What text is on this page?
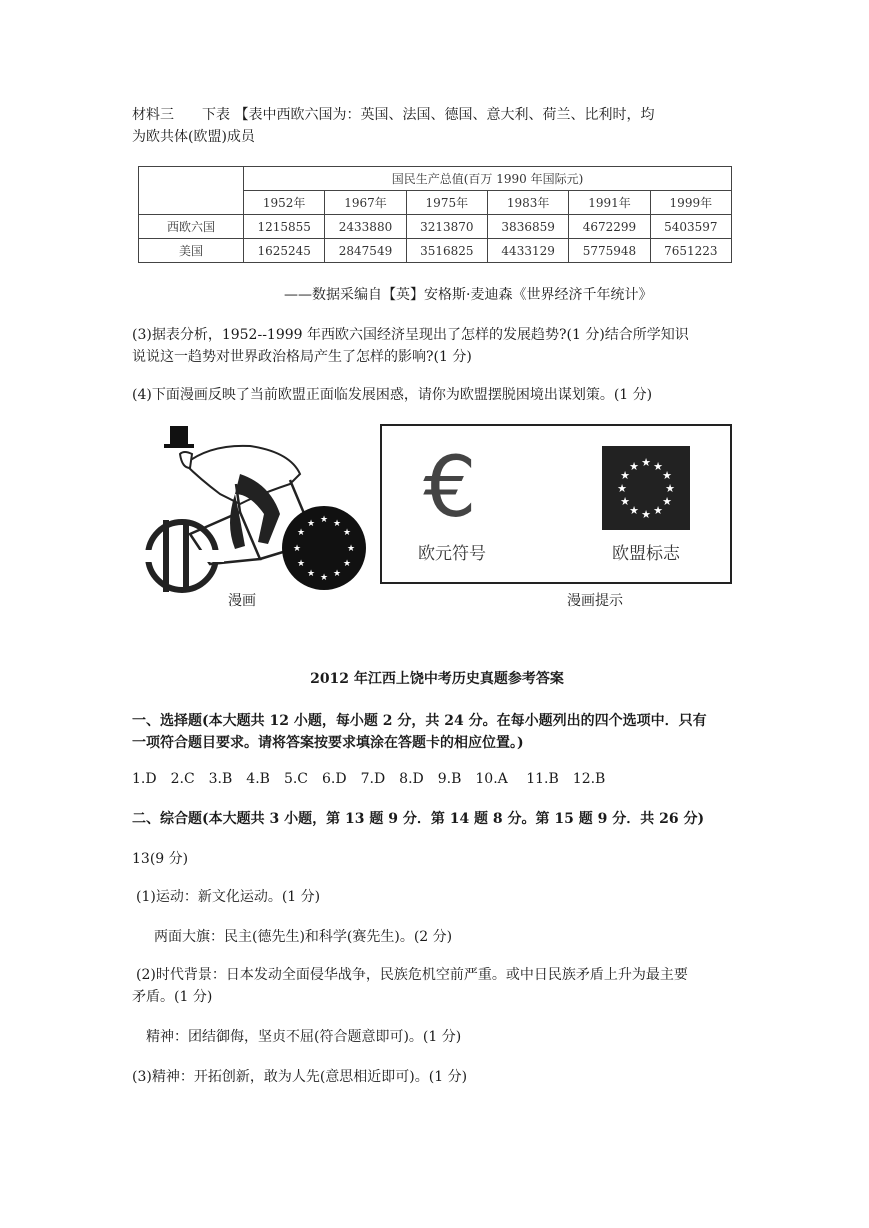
材料三　　下表 【表中西欧六国为：英国、法国、德国、意大利、荷兰、比利时，均
为欧共体(欧盟)成员
	国民生产总值(百万 1990 年国际元)					
	1952年	1967年	1975年	1983年	1991年	1999年
西欧六国	1215855	2433880	3213870	3836859	4672299	5403597
美国	1625245	2847549	3516825	4433129	5775948	7651223
——数据采编自【英】安格斯·麦迪森《世界经济千年统计》
(3)据表分析，1952--1999 年西欧六国经济呈现出了怎样的发展趋势?(1 分)结合所学知识
说说这一趋势对世界政治格局产生了怎样的影响?(1 分)
(4)下面漫画反映了当前欧盟正面临发展困惑，请你为欧盟摆脱困境出谋划策。(1 分)
★ ★
★
★
★
★
★
★
★
★
★
★
漫画
€	★ ★
★
★
★
★
★
★
★
★
★
★
欧元符号	欧盟标志
漫画提示
2012 年江西上饶中考历史真题参考答案
一、选择题(本大题共 12 小题，每小题 2 分，共 24 分。在每小题列出的四个选项中．只有
一项符合题目要求。请将答案按要求填涂在答题卡的相应位置。)
1.D　2.C　3.B　4.B　5.C　6.D　7.D　8.D　9.B　10.A　 11.B　12.B
二、综合题(本大题共 3 小题，第 13 题 9 分．第 14 题 8 分。第 15 题 9 分．共 26 分)
13(9 分)
(1)运动：新文化运动。(1 分)
两面大旗：民主(德先生)和科学(赛先生)。(2 分)
(2)时代背景：日本发动全面侵华战争，民族危机空前严重。或中日民族矛盾上升为最主要
矛盾。(1 分)
精神：团结御侮，坚贞不屈(符合题意即可)。(1 分)
(3)精神：开拓创新，敢为人先(意思相近即可)。(1 分)
